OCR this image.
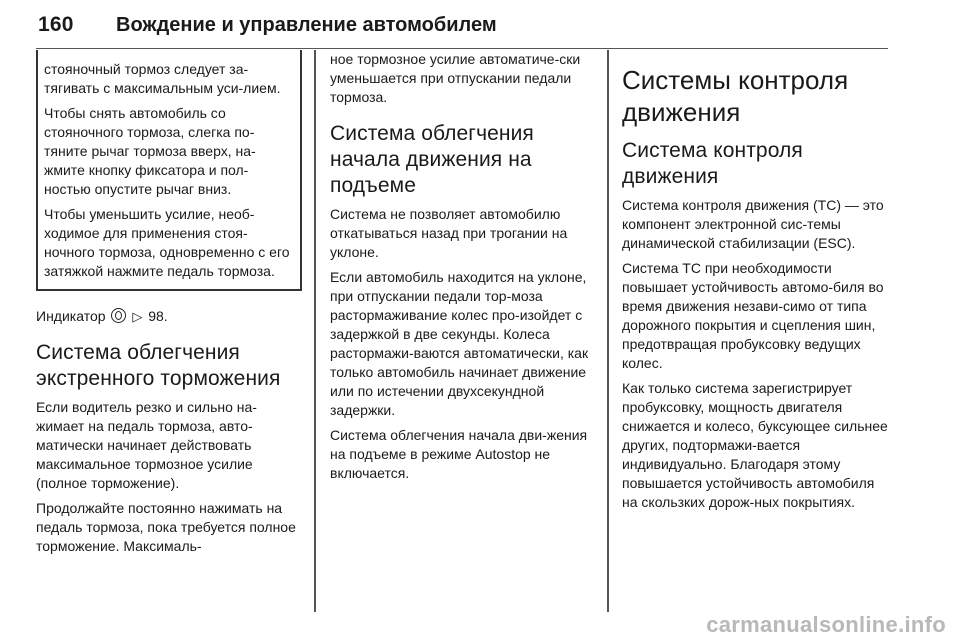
160 Вождение и управление автомобилем

стояночный тормоз следует за-тягивать с максимальным уси-лием.

Чтобы снять автомобиль со стояночного тормоза, слегка по-тяните рычаг тормоза вверх, на-жмите кнопку фиксатора и пол-ностью опустите рычаг вниз.

Чтобы уменьшить усилие, необ-ходимое для применения стоя-ночного тормоза, одновременно с его затяжкой нажмите педаль тормоза.

Индикатор ▷ 98.

Система облегчения экстренного торможения

Если водитель резко и сильно на-жимает на педаль тормоза, авто-матически начинает действовать максимальное тормозное усилие (полное торможение).

Продолжайте постоянно нажимать на педаль тормоза, пока требуется полное торможение. Максималь-

ное тормозное усилие автоматиче-ски уменьшается при отпускании педали тормоза.

Система облегчения начала движения на подъеме

Система не позволяет автомобилю откатываться назад при трогании на уклоне.

Если автомобиль находится на уклоне, при отпускании педали тор-моза растормаживание колес про-изойдет с задержкой в две секунды. Колеса растормажи-ваются автоматически, как только автомобиль начинает движение или по истечении двухсекундной задержки.

Система облегчения начала дви-жения на подъеме в режиме Autostop не включается.

Системы контроля движения
Система контроля движения

Система контроля движения (TC) — это компонент электронной сис-темы динамической стабилизации (ESC).

Система TC при необходимости повышает устойчивость автомо-биля во время движения незави-симо от типа дорожного покрытия и сцепления шин, предотвращая пробуксовку ведущих колес.

Как только система зарегистрирует пробуксовку, мощность двигателя снижается и колесо, буксующее сильнее других, подтормажи-вается индивидуально. Благодаря этому повышается устойчивость автомобиля на скользких дорож-ных покрытиях.

carmanualsonline.info
